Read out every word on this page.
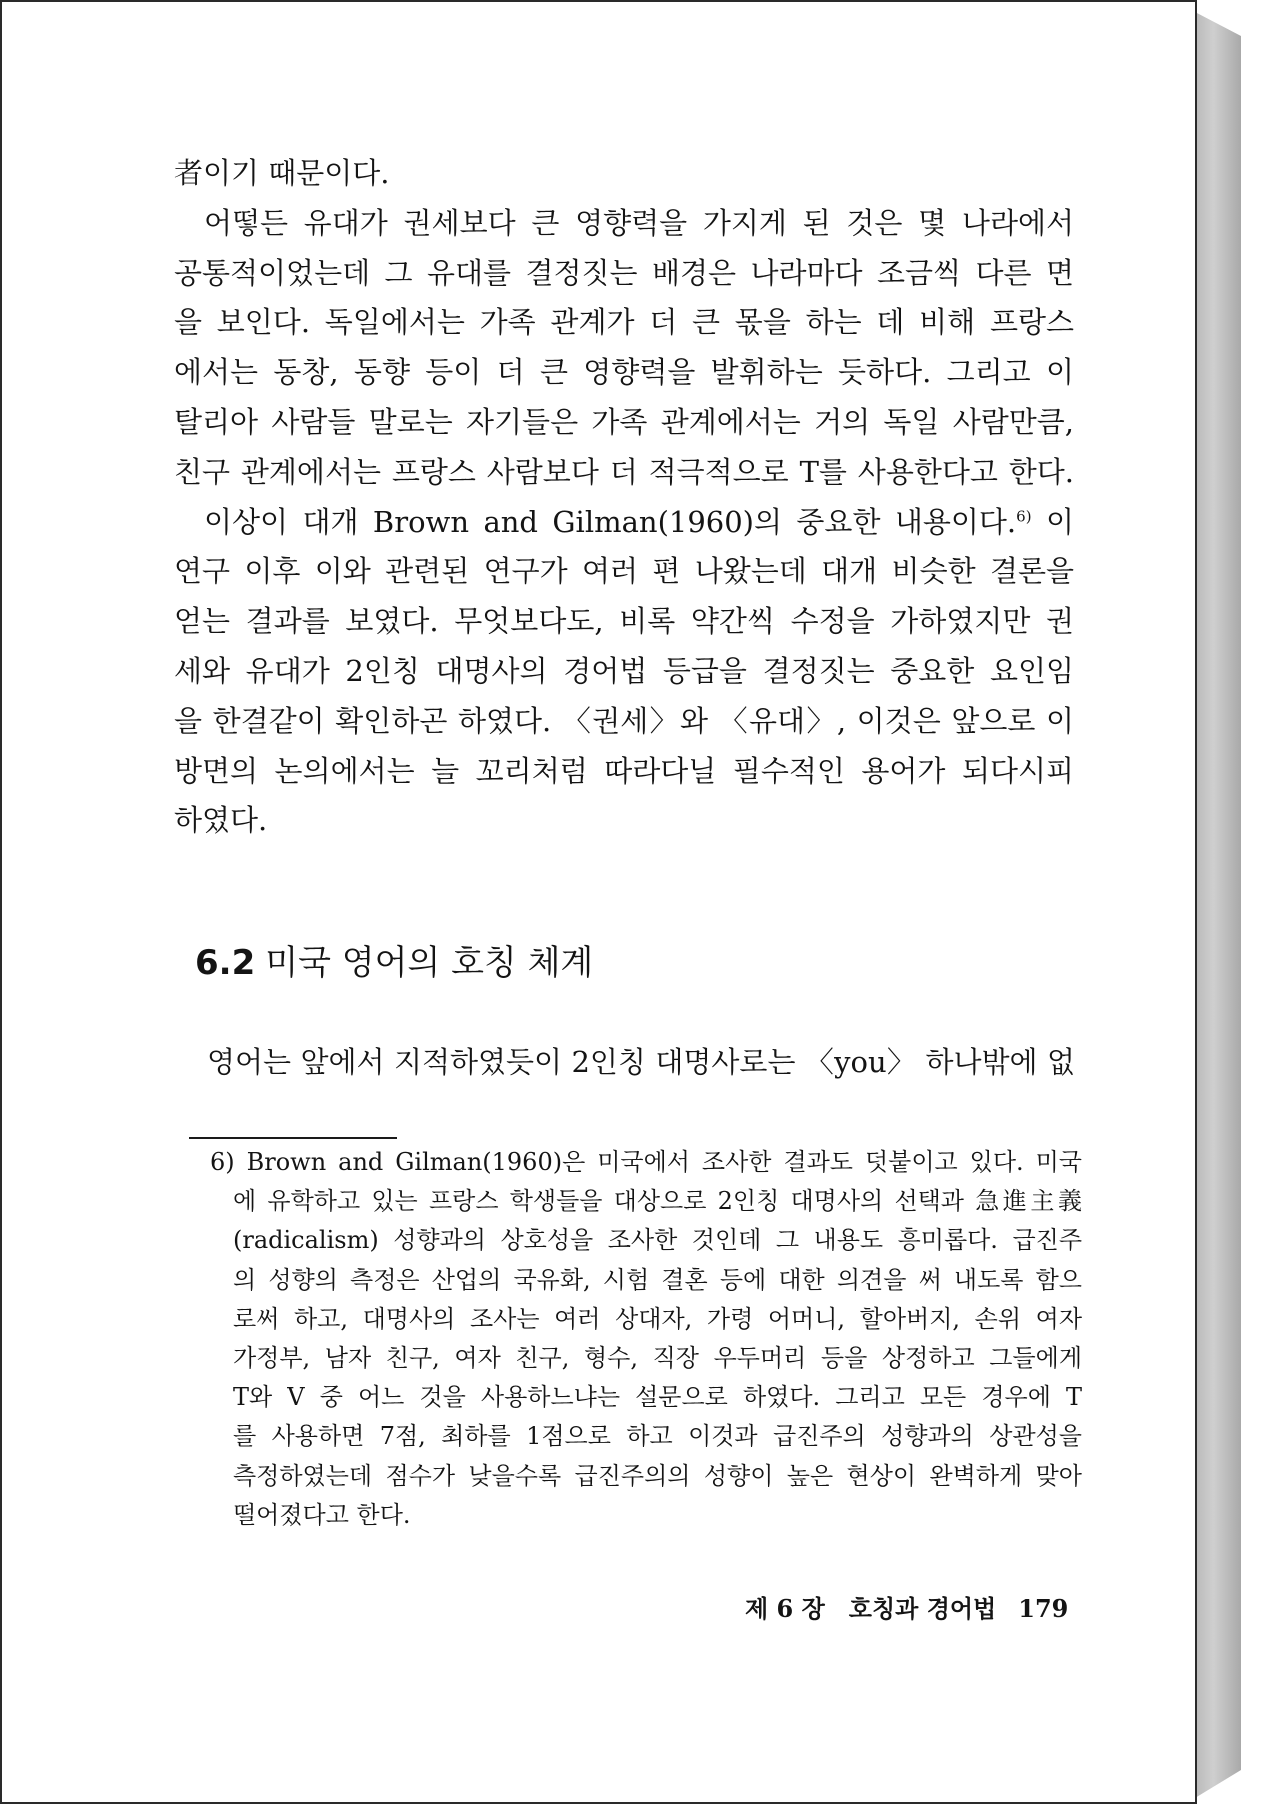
者이기 때문이다.
어떻든 유대가 권세보다 큰 영향력을 가지게 된 것은 몇 나라에서
공통적이었는데 그 유대를 결정짓는 배경은 나라마다 조금씩 다른 면
을 보인다. 독일에서는 가족 관계가 더 큰 몫을 하는 데 비해 프랑스
에서는 동창, 동향 등이 더 큰 영향력을 발휘하는 듯하다. 그리고 이
탈리아 사람들 말로는 자기들은 가족 관계에서는 거의 독일 사람만큼,
친구 관계에서는 프랑스 사람보다 더 적극적으로 T를 사용한다고 한다.
이상이 대개 Brown and Gilman(1960)의 중요한 내용이다.$^{6)}$ 이
연구 이후 이와 관련된 연구가 여러 편 나왔는데 대개 비슷한 결론을
얻는 결과를 보였다. 무엇보다도, 비록 약간씩 수정을 가하였지만 권
세와 유대가 2인칭 대명사의 경어법 등급을 결정짓는 중요한 요인임
을 한결같이 확인하곤 하였다. 〈권세〉와 〈유대〉, 이것은 앞으로 이
방면의 논의에서는 늘 꼬리처럼 따라다닐 필수적인 용어가 되다시피
하였다.
6.2 미국 영어의 호칭 체계
영어는 앞에서 지적하였듯이 2인칭 대명사로는 〈you〉 하나밖에 없
6) Brown and Gilman(1960)은 미국에서 조사한 결과도 덧붙이고 있다. 미국
에 유학하고 있는 프랑스 학생들을 대상으로 2인칭 대명사의 선택과 急進主義
(radicalism) 성향과의 상호성을 조사한 것인데 그 내용도 흥미롭다. 급진주
의 성향의 측정은 산업의 국유화, 시험 결혼 등에 대한 의견을 써 내도록 함으
로써 하고, 대명사의 조사는 여러 상대자, 가령 어머니, 할아버지, 손위 여자
가정부, 남자 친구, 여자 친구, 형수, 직장 우두머리 등을 상정하고 그들에게
T와 V 중 어느 것을 사용하느냐는 설문으로 하였다. 그리고 모든 경우에 T
를 사용하면 7점, 최하를 1점으로 하고 이것과 급진주의 성향과의 상관성을
측정하였는데 점수가 낮을수록 급진주의의 성향이 높은 현상이 완벽하게 맞아
떨어졌다고 한다.
제 6 장 호칭과 경어법 179
